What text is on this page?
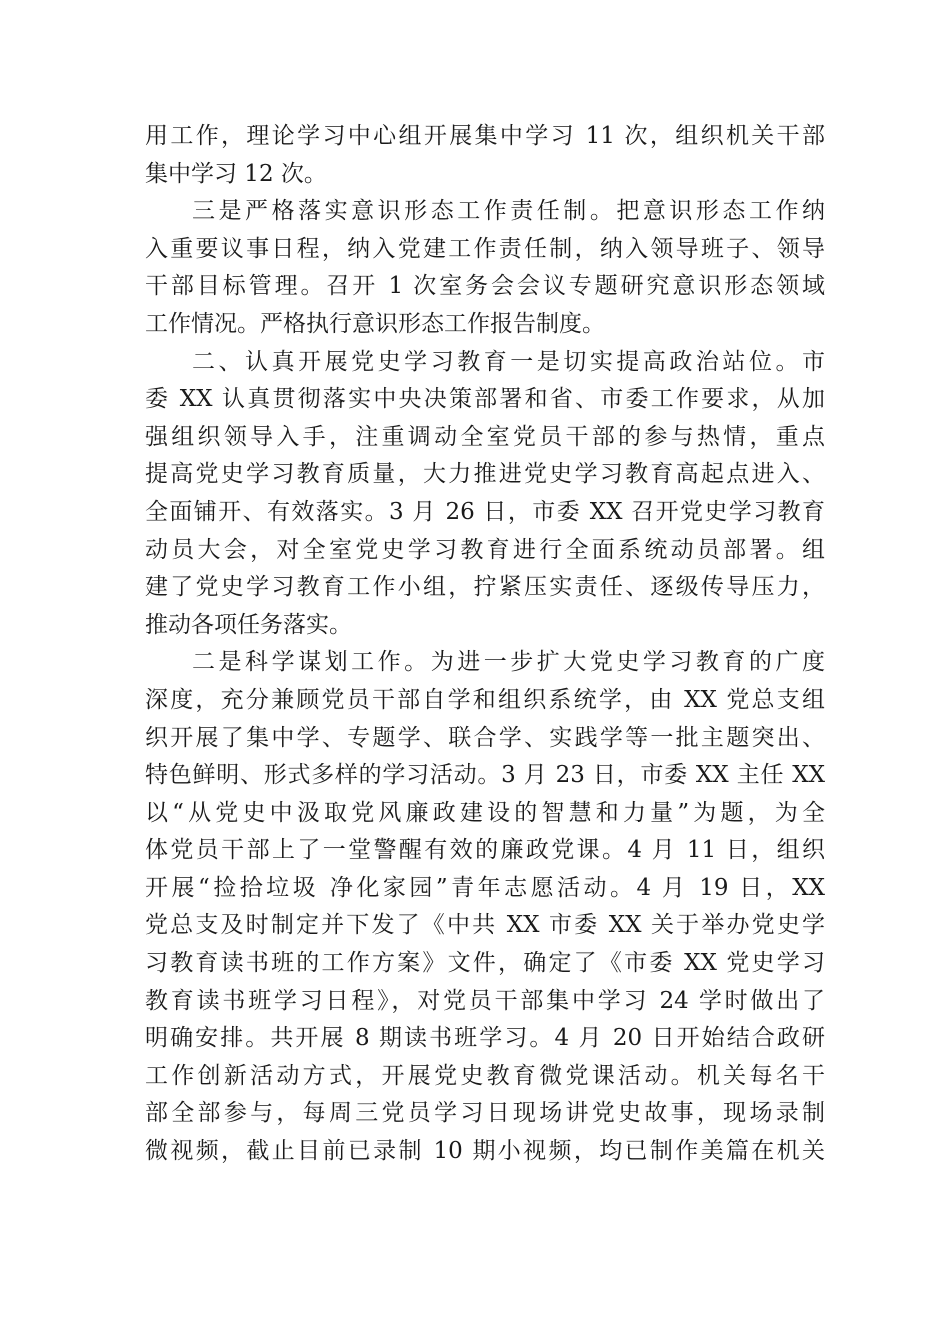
用工作，理论学习中心组开展集中学习 11 次，组织机关干部
集中学习 12 次。
三是严格落实意识形态工作责任制。把意识形态工作纳
入重要议事日程，纳入党建工作责任制，纳入领导班子、领导
干部目标管理。召开 1 次室务会会议专题研究意识形态领域
工作情况。严格执行意识形态工作报告制度。
二、认真开展党史学习教育一是切实提高政治站位。市
委 XX 认真贯彻落实中央决策部署和省、市委工作要求，从加
强组织领导入手，注重调动全室党员干部的参与热情，重点
提高党史学习教育质量，大力推进党史学习教育高起点进入、
全面铺开、有效落实。3 月 26 日，市委 XX 召开党史学习教育
动员大会，对全室党史学习教育进行全面系统动员部署。组
建了党史学习教育工作小组，拧紧压实责任、逐级传导压力，
推动各项任务落实。
二是科学谋划工作。为进一步扩大党史学习教育的广度
深度，充分兼顾党员干部自学和组织系统学，由 XX 党总支组
织开展了集中学、专题学、联合学、实践学等一批主题突出、
特色鲜明、形式多样的学习活动。3 月 23 日，市委 XX 主任 XX
以“从党史中汲取党风廉政建设的智慧和力量”为题，为全
体党员干部上了一堂警醒有效的廉政党课。4 月 11 日，组织
开展“捡拾垃圾 净化家园”青年志愿活动。4 月 19 日，XX
党总支及时制定并下发了《中共 XX 市委 XX 关于举办党史学
习教育读书班的工作方案》文件，确定了《市委 XX 党史学习
教育读书班学习日程》，对党员干部集中学习 24 学时做出了
明确安排。共开展 8 期读书班学习。4 月 20 日开始结合政研
工作创新活动方式，开展党史教育微党课活动。机关每名干
部全部参与，每周三党员学习日现场讲党史故事，现场录制
微视频，截止目前已录制 10 期小视频，均已制作美篇在机关
